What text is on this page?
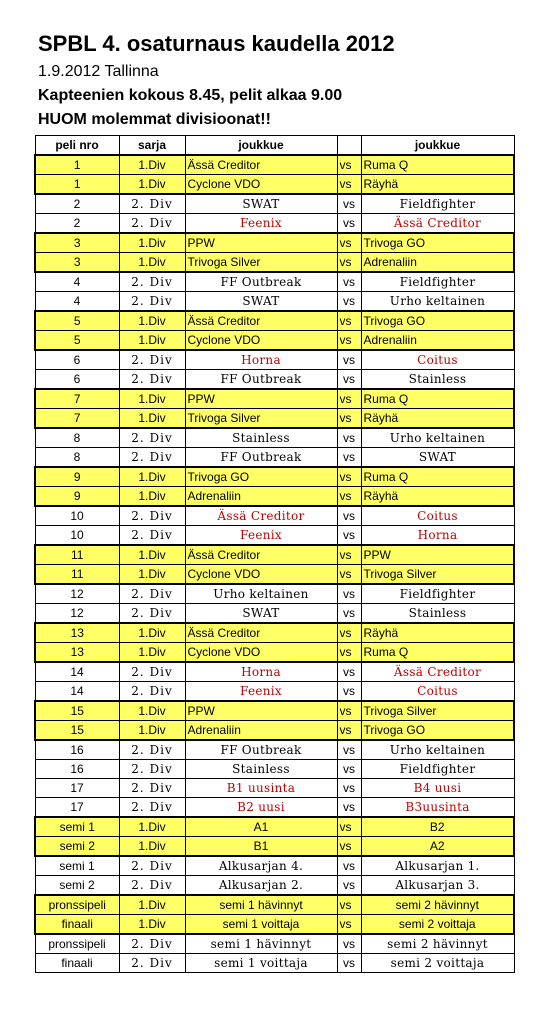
SPBL 4. osaturnaus kaudella 2012
1.9.2012 Tallinna
Kapteenien kokous 8.45, pelit alkaa 9.00
HUOM molemmat divisioonat!!
peli nro	sarja	joukkue		joukkue
1	1.Div	Ässä Creditor	vs	Ruma Q
1	1.Div	Cyclone VDO	vs	Räyhä
2	2. Div	SWAT	vs	Fieldfighter
2	2. Div	Feenix	vs	Ässä Creditor
3	1.Div	PPW	vs	Trivoga GO
3	1.Div	Trivoga Silver	vs	Adrenaliin
4	2. Div	FF Outbreak	vs	Fieldfighter
4	2. Div	SWAT	vs	Urho keltainen
5	1.Div	Ässä Creditor	vs	Trivoga GO
5	1.Div	Cyclone VDO	vs	Adrenaliin
6	2. Div	Horna	vs	Coitus
6	2. Div	FF Outbreak	vs	Stainless
7	1.Div	PPW	vs	Ruma Q
7	1.Div	Trivoga Silver	vs	Räyhä
8	2. Div	Stainless	vs	Urho keltainen
8	2. Div	FF Outbreak	vs	SWAT
9	1.Div	Trivoga GO	vs	Ruma Q
9	1.Div	Adrenaliin	vs	Räyhä
10	2. Div	Ässä Creditor	vs	Coitus
10	2. Div	Feenix	vs	Horna
11	1.Div	Ässä Creditor	vs	PPW
11	1.Div	Cyclone VDO	vs	Trivoga Silver
12	2. Div	Urho keltainen	vs	Fieldfighter
12	2. Div	SWAT	vs	Stainless
13	1.Div	Ässä Creditor	vs	Räyhä
13	1.Div	Cyclone VDO	vs	Ruma Q
14	2. Div	Horna	vs	Ässä Creditor
14	2. Div	Feenix	vs	Coitus
15	1.Div	PPW	vs	Trivoga Silver
15	1.Div	Adrenaliin	vs	Trivoga GO
16	2. Div	FF Outbreak	vs	Urho keltainen
16	2. Div	Stainless	vs	Fieldfighter
17	2. Div	B1 uusinta	vs	B4 uusi
17	2. Div	B2 uusi	vs	B3uusinta
semi 1	1.Div	A1	vs	B2
semi 2	1.Div	B1	vs	A2
semi 1	2. Div	Alkusarjan 4.	vs	Alkusarjan 1.
semi 2	2. Div	Alkusarjan 2.	vs	Alkusarjan 3.
pronssipeli	1.Div	semi 1 hävinnyt	vs	semi 2 hävinnyt
finaali	1.Div	semi 1 voittaja	vs	semi 2 voittaja
pronssipeli	2. Div	semi 1 hävinnyt	vs	semi 2 hävinnyt
finaali	2. Div	semi 1 voittaja	vs	semi 2 voittaja
